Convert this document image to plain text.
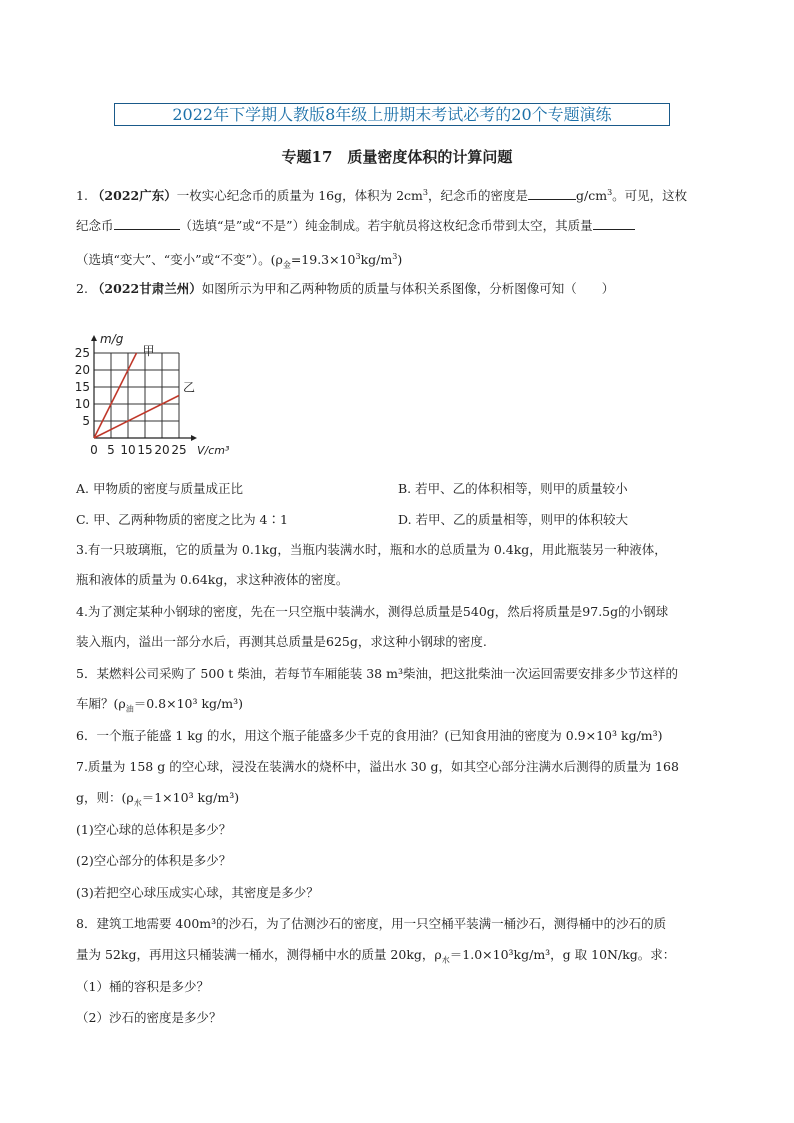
2022年下学期人教版8年级上册期末考试必考的20个专题演练
专题17　质量密度体积的计算问题
1. （2022广东）一枚实心纪念币的质量为 16g，体积为 $2cm^3$，纪念币的密度是	$g/cm^3$。可见，这枚
纪念币	（选填“是”或“不是”）纯金制成。若宇航员将这枚纪念币带到太空，其质量
（选填“变大”、“变小”或“不变”）。$(\rho_金=19.3\times 10^3kg/m^3)$
2. （2022甘肃兰州）如图所示为甲和乙两种物质的质量与体积关系图像，分析图像可知（　　）
0 5 10 15 20 25
5
10
15
20
25
m/g
V/cm³
甲
乙
A. 甲物质的密度与质量成正比	B. 若甲、乙的体积相等，则甲的质量较小
C. 甲、乙两种物质的密度之比为 4∶1	D. 若甲、乙的质量相等，则甲的体积较大
3.有一只玻璃瓶，它的质量为 0.1kg，当瓶内装满水时，瓶和水的总质量为 0.4kg，用此瓶装另一种液体，
瓶和液体的质量为 0.64kg，求这种液体的密度。
4.为了测定某种小钢球的密度，先在一只空瓶中装满水，测得总质量是540g，然后将质量是97.5g的小钢球
装入瓶内，溢出一部分水后，再测其总质量是625g，求这种小钢球的密度.
5．某燃料公司采购了 500 t 柴油，若每节车厢能装 38 m³柴油，把这批柴油一次运回需要安排多少节这样的
车厢？($\rho_油=0.8\times 10^3$ kg/m³)
6．一个瓶子能盛 1 kg 的水，用这个瓶子能盛多少千克的食用油？(已知食用油的密度为 0.9×10³ kg/m³)
7.质量为 158 g 的空心球，浸没在装满水的烧杯中，溢出水 30 g，如其空心部分注满水后测得的质量为 168
g，则：($\rho_水=1\times 10^3$ kg/m³)
(1)空心球的总体积是多少？
(2)空心部分的体积是多少？
(3)若把空心球压成实心球，其密度是多少？
8．建筑工地需要 400m³的沙石，为了估测沙石的密度，用一只空桶平装满一桶沙石，测得桶中的沙石的质
量为 52kg，再用这只桶装满一桶水，测得桶中水的质量 20kg，$\rho_水=1.0\times 10^3kg/m^3$，g 取 10N/kg。求：
（1）桶的容积是多少？
（2）沙石的密度是多少？
